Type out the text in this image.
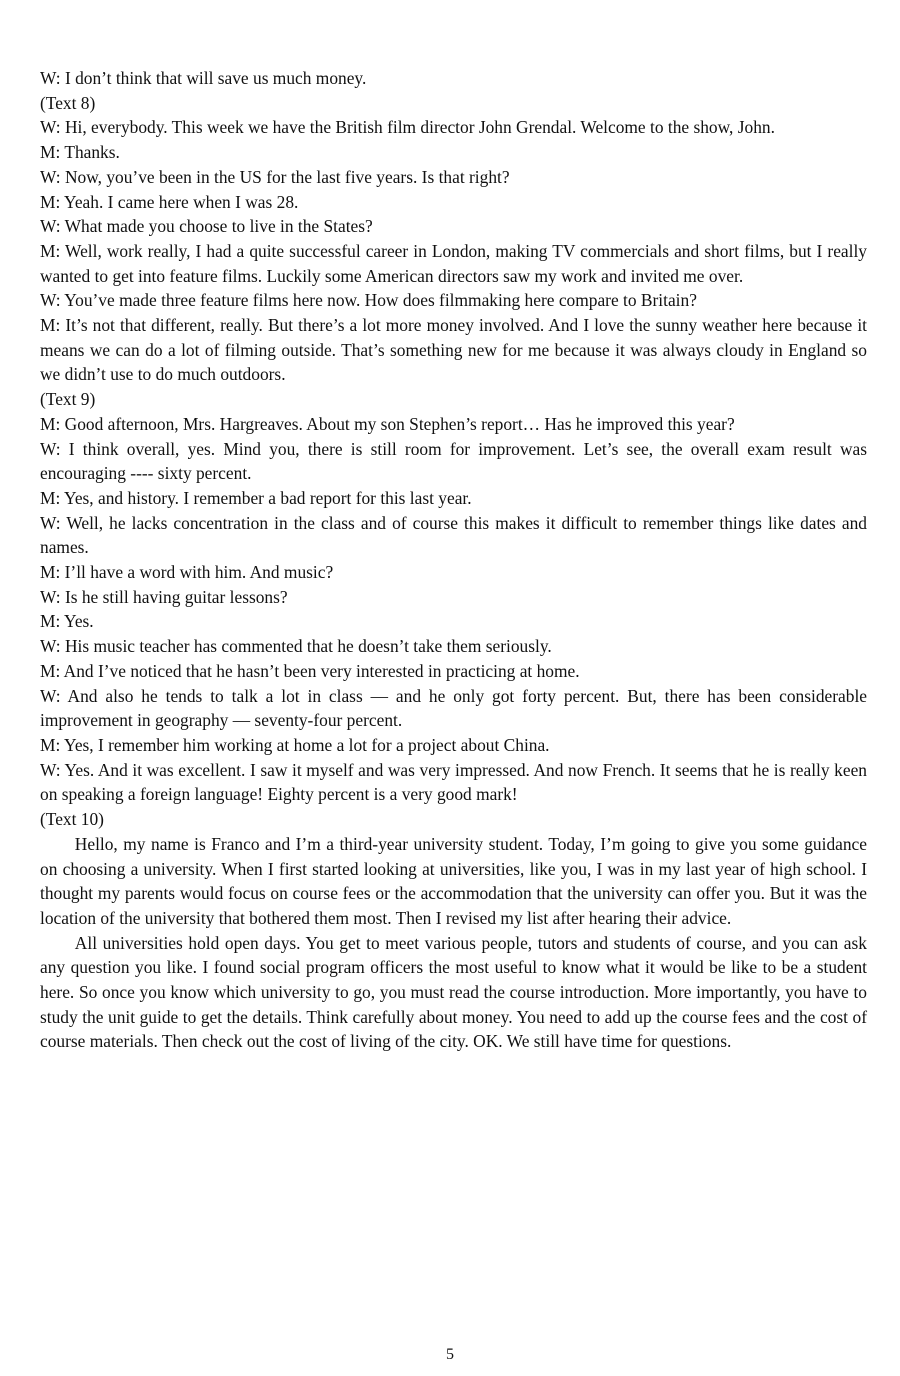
W: I don’t think that will save us much money.

(Text 8)

W: Hi, everybody. This week we have the British film director John Grendal. Welcome to the show, John.

M: Thanks.

W: Now, you’ve been in the US for the last five years. Is that right?

M: Yeah. I came here when I was 28.

W: What made you choose to live in the States?

M: Well, work really, I had a quite successful career in London, making TV commercials and short films, but I really wanted to get into feature films. Luckily some American directors saw my work and invited me over.

W: You’ve made three feature films here now. How does filmmaking here compare to Britain?

M: It’s not that different, really. But there’s a lot more money involved. And I love the sunny weather here because it means we can do a lot of filming outside. That’s something new for me because it was always cloudy in England so we didn’t use to do much outdoors.

(Text 9)

M: Good afternoon, Mrs. Hargreaves. About my son Stephen’s report… Has he improved this year?

W: I think overall, yes. Mind you, there is still room for improvement. Let’s see, the overall exam result was encouraging ---- sixty percent.

M: Yes, and history. I remember a bad report for this last year.

W: Well, he lacks concentration in the class and of course this makes it difficult to remember things like dates and names.

M: I’ll have a word with him. And music?

W: Is he still having guitar lessons?

M: Yes.

W: His music teacher has commented that he doesn’t take them seriously.

M: And I’ve noticed that he hasn’t been very interested in practicing at home.

W: And also he tends to talk a lot in class — and he only got forty percent. But, there has been considerable improvement in geography — seventy-four percent.

M: Yes, I remember him working at home a lot for a project about China.

W: Yes. And it was excellent. I saw it myself and was very impressed. And now French. It seems that he is really keen on speaking a foreign language! Eighty percent is a very good mark!

(Text 10)

Hello, my name is Franco and I’m a third-year university student. Today, I’m going to give you some guidance on choosing a university. When I first started looking at universities, like you, I was in my last year of high school. I thought my parents would focus on course fees or the accommodation that the university can offer you. But it was the location of the university that bothered them most. Then I revised my list after hearing their advice.

All universities hold open days. You get to meet various people, tutors and students of course, and you can ask any question you like. I found social program officers the most useful to know what it would be like to be a student here. So once you know which university to go, you must read the course introduction. More importantly, you have to study the unit guide to get the details. Think carefully about money. You need to add up the course fees and the cost of course materials. Then check out the cost of living of the city. OK. We still have time for questions.

5
